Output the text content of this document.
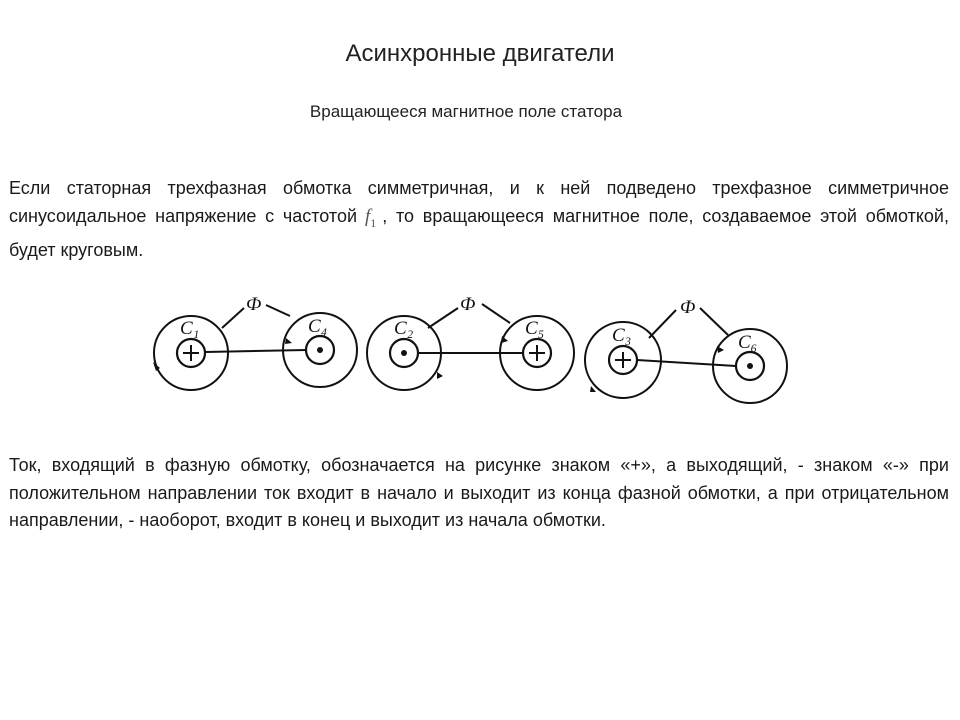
Асинхронные двигатели
Вращающееся магнитное поле статора
Если статорная трехфазная обмотка симметричная, и к ней подведено трехфазное симметричное синусоидальное напряжение с частотой $f_1$ , то вращающееся магнитное поле, создаваемое этой обмоткой, будет круговым.
Ф
C₁	C₄
Ф
C₂	C₅
Ф
C₃	C₆
Ток, входящий в фазную обмотку, обозначается на рисунке знаком «+», а выходящий, - знаком «-» при положительном направлении ток входит в начало и выходит из конца фазной обмотки, а при отрицательном направлении, - наоборот, входит в конец и выходит из начала обмотки.
